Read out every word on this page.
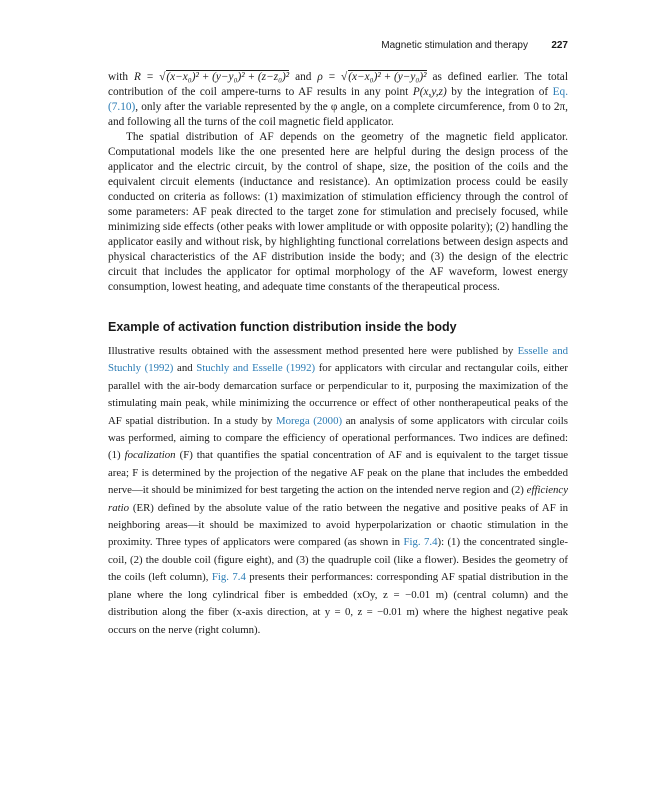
Magnetic stimulation and therapy 227

with R = √(x−x₀)² + (y−y₀)² + (z−z₀)² and ρ = √(x−x₀)² + (y−y₀)² as defined earlier. The total contribution of the coil ampere-turns to AF results in any point P(x,y,z) by the integration of Eq. (7.10), only after the variable represented by the φ angle, on a complete circumference, from 0 to 2π, and following all the turns of the coil magnetic field applicator.

The spatial distribution of AF depends on the geometry of the magnetic field applicator. Computational models like the one presented here are helpful during the design process of the applicator and the electric circuit, by the control of shape, size, the position of the coils and the equivalent circuit elements (inductance and resistance). An optimization process could be easily conducted on criteria as follows: (1) maximization of stimulation efficiency through the control of some parameters: AF peak directed to the target zone for stimulation and precisely focused, while minimizing side effects (other peaks with lower amplitude or with opposite polarity); (2) handling the applicator easily and without risk, by highlighting functional correlations between design aspects and physical characteristics of the AF distribution inside the body; and (3) the design of the electric circuit that includes the applicator for optimal morphology of the AF waveform, lowest energy consumption, lowest heating, and adequate time constants of the therapeutical process.

Example of activation function distribution inside the body

Illustrative results obtained with the assessment method presented here were published by Esselle and Stuchly (1992) and Stuchly and Esselle (1992) for applicators with circular and rectangular coils, either parallel with the air-body demarcation surface or perpendicular to it, purposing the maximization of the stimulating main peak, while minimizing the occurrence or effect of other nontherapeutical peaks of the AF spatial distribution. In a study by Morega (2000) an analysis of some applicators with circular coils was performed, aiming to compare the efficiency of operational performances. Two indices are defined: (1) focalization (F) that quantifies the spatial concentration of AF and is equivalent to the target tissue area; F is determined by the projection of the negative AF peak on the plane that includes the embedded nerve—it should be minimized for best targeting the action on the intended nerve region and (2) efficiency ratio (ER) defined by the absolute value of the ratio between the negative and positive peaks of AF in neighboring areas—it should be maximized to avoid hyperpolarization or chaotic stimulation in the proximity. Three types of applicators were compared (as shown in Fig. 7.4): (1) the concentrated single-coil, (2) the double coil (figure eight), and (3) the quadruple coil (like a flower). Besides the geometry of the coils (left column), Fig. 7.4 presents their performances: corresponding AF spatial distribution in the plane where the long cylindrical fiber is embedded (xOy, z = −0.01 m) (central column) and the distribution along the fiber (x-axis direction, at y = 0, z = −0.01 m) where the highest negative peak occurs on the nerve (right column).
